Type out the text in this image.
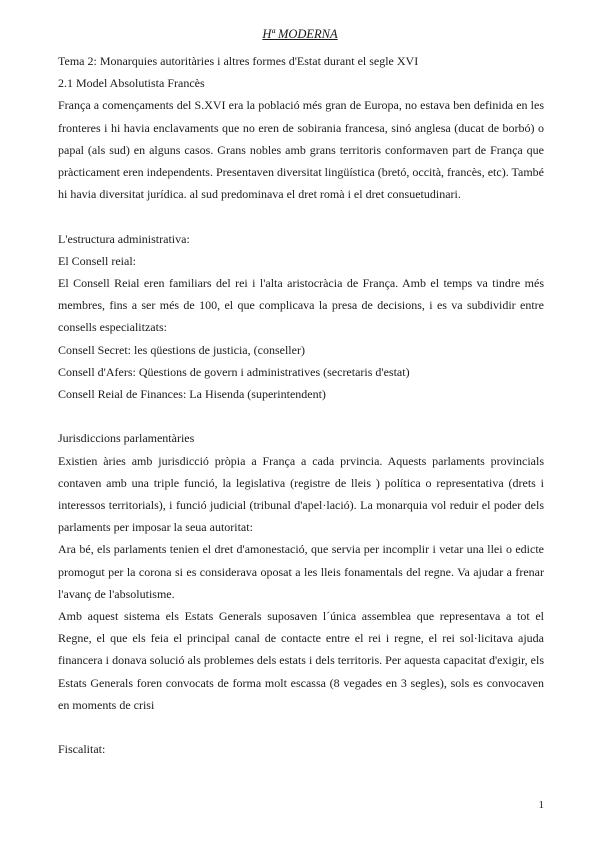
Hª MODERNA

Tema 2: Monarquies autoritàries i altres formes d'Estat durant el segle XVI

2.1 Model Absolutista Francès

França a començaments del S.XVI era la població més gran de Europa, no estava ben definida en les fronteres i hi havia enclavaments que no eren de sobirania francesa, sinó anglesa (ducat de borbó) o papal (als sud) en alguns casos. Grans nobles amb grans territoris conformaven part de França que pràcticament eren independents. Presentaven diversitat lingüística (bretó, occità, francès, etc). També hi havia diversitat jurídica. al sud predominava el dret romà i el dret consuetudinari.

L'estructura administrativa:

El Consell reial:

El Consell Reial eren familiars del rei i l'alta aristocràcia de França. Amb el temps va tindre més membres, fins a ser més de 100, el que complicava la presa de decisions, i es va subdividir entre consells especialitzats:

Consell Secret: les qüestions de justicia, (conseller)

Consell d'Afers: Qüestions de govern i administratives (secretaris d'estat)

Consell Reial de Finances: La Hisenda (superintendent)

Jurisdiccions parlamentàries

Existien àries amb jurisdicció pròpia a França a cada prvincia. Aquests parlaments provincials contaven amb una triple funció, la legislativa (registre de lleis ) política o representativa (drets i interessos territorials), i funció judicial (tribunal d'apel·lació). La monarquia vol reduir el poder dels parlaments per imposar la seua autoritat:

Ara bé, els parlaments tenien el dret d'amonestació, que servia per incomplir i vetar una llei o edicte promogut per la corona si es considerava oposat a les lleis fonamentals del regne. Va ajudar a frenar l'avanç de l'absolutisme.

Amb aquest sistema els Estats Generals suposaven l´única assemblea que representava a tot el Regne, el que els feia el principal canal de contacte entre el rei i regne, el rei sol·licitava ajuda financera i donava solució als problemes dels estats i dels territoris. Per aquesta capacitat d'exigir, els Estats Generals foren convocats de forma molt escassa (8 vegades en 3 segles), sols es convocaven en moments de crisi

Fiscalitat:

1
